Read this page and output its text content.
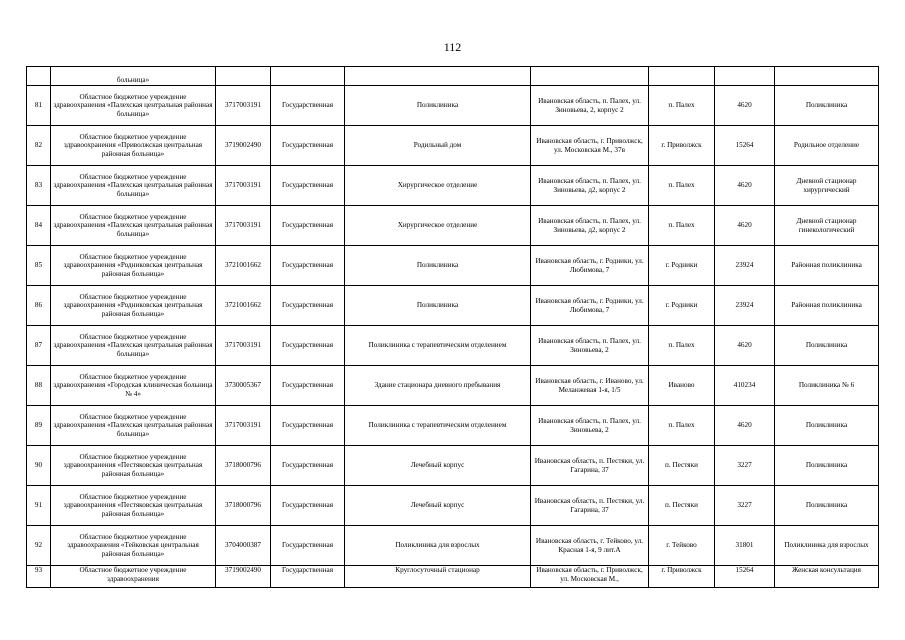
112
	больница»							
81	Областное бюджетное учреждение здравоохранения «Палехская центральная районная больница»	3717003191	Государственная	Поликлиника	Ивановская область, п. Палех, ул. Зиновьева, 2, корпус 2	п. Палех	4620	Поликлиника
82	Областное бюджетное учреждение здравоохранения «Приволжская центральная районная больница»	3719002490	Государственная	Родильный дом	Ивановская область, г. Приволжск, ул. Московская М., 37в	г. Приволжск	15264	Родильное отделение
83	Областное бюджетное учреждение здравоохранения «Палехская центральная районная больница»	3717003191	Государственная	Хирургическое отделение	Ивановская область, п. Палех, ул. Зиновьева, д2, корпус 2	п. Палех	4620	Дневной стационар хирургический
84	Областное бюджетное учреждение здравоохранения «Палехская центральная районная больница»	3717003191	Государственная	Хирургическое отделение	Ивановская область, п. Палех, ул. Зиновьева, д2, корпус 2	п. Палех	4620	Дневной стационар гинекологический
85	Областное бюджетное учреждение здравоохранения «Родниковская центральная районная больница»	3721001662	Государственная	Поликлиника	Ивановская область, г. Родники, ул. Любимова, 7	г. Родники	23924	Районная поликлиника
86	Областное бюджетное учреждение здравоохранения «Родниковская центральная районная больница»	3721001662	Государственная	Поликлиника	Ивановская область, г. Родники, ул. Любимова, 7	г. Родники	23924	Районная поликлиника
87	Областное бюджетное учреждение здравоохранения «Палехская центральная районная больница»	3717003191	Государственная	Поликлиника с терапевтическим отделением	Ивановская область, п. Палех, ул. Зиновьева, 2	п. Палех	4620	Поликлиника
88	Областное бюджетное учреждение здравоохранения «Городская клиническая больница № 4»	3730005367	Государственная	Здание стационара дневного пребывания	Ивановская область, г. Иваново, ул. Меланжевая 1-я, 1/5	Иваново	410234	Поликлиника № 6
89	Областное бюджетное учреждение здравоохранения «Палехская центральная районная больница»	3717003191	Государственная	Поликлиника с терапевтическим отделением	Ивановская область, п. Палех, ул. Зиновьева, 2	п. Палех	4620	Поликлиника
90	Областное бюджетное учреждение здравоохранения «Пестяковская центральная районная больница»	3718000796	Государственная	Лечебный корпус	Ивановская область, п. Пестяки, ул. Гагарина, 37	п. Пестяки	3227	Поликлиника
91	Областное бюджетное учреждение здравоохранения «Пестяковская центральная районная больница»	3718000796	Государственная	Лечебный корпус	Ивановская область, п. Пестяки, ул. Гагарина, 37	п. Пестяки	3227	Поликлиника
92	Областное бюджетное учреждение здравоохранения «Тейковская центральная районная больница»	3704000387	Государственная	Поликлиника для взрослых	Ивановская область, г. Тейково, ул. Красная 1-я, 9 лит.А	г. Тейково	31801	Поликлиника для взрослых
93	Областное бюджетное учреждение здравоохранения	3719002490	Государственная	Круглосуточный стационар	Ивановская область, г. Приволжск, ул. Московская М.,	г. Приволжск	15264	Женская консультация
